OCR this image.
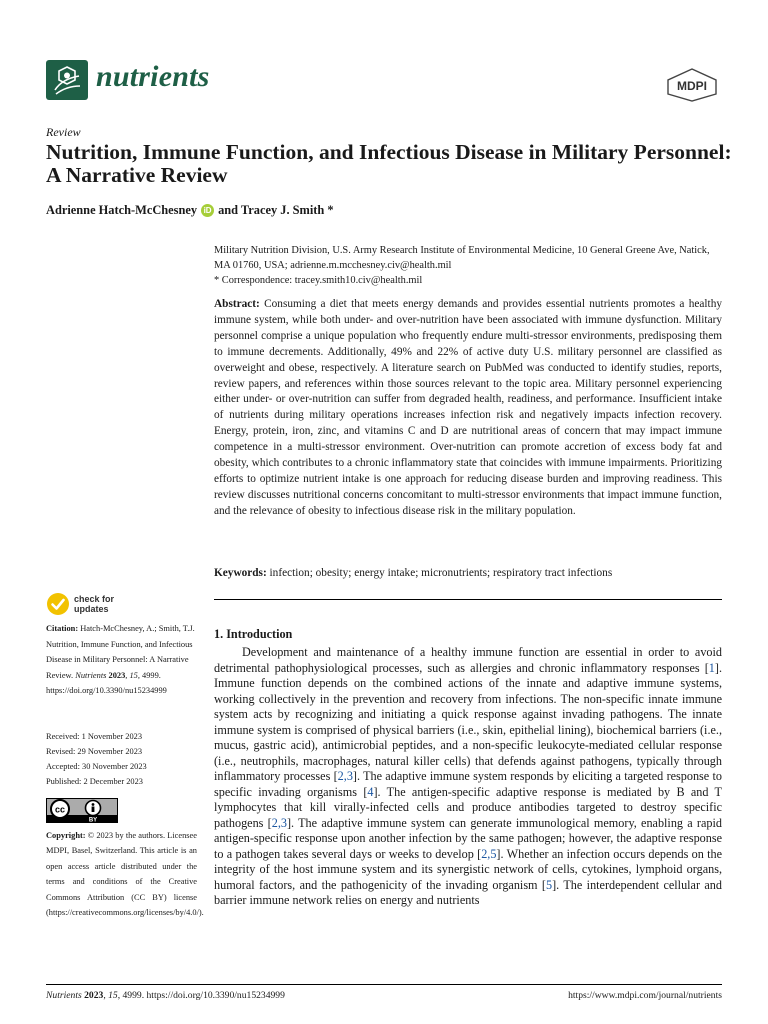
nutrients	MDPI
Review
Nutrition, Immune Function, and Infectious Disease in Military Personnel: A Narrative Review
Adrienne Hatch-McChesney iD and Tracey J. Smith *
Military Nutrition Division, U.S. Army Research Institute of Environmental Medicine, 10 General Greene Ave, Natick, MA 01760, USA; adrienne.m.mcchesney.civ@health.mil
* Correspondence: tracey.smith10.civ@health.mil
Abstract: Consuming a diet that meets energy demands and provides essential nutrients promotes a healthy immune system, while both under- and over-nutrition have been associated with immune dysfunction. Military personnel comprise a unique population who frequently endure multi-stressor environments, predisposing them to immune decrements. Additionally, 49% and 22% of active duty U.S. military personnel are classified as overweight and obese, respectively. A literature search on PubMed was conducted to identify studies, reports, review papers, and references within those sources relevant to the topic area. Military personnel experiencing either under- or over-nutrition can suffer from degraded health, readiness, and performance. Insufficient intake of nutrients during military operations increases infection risk and negatively impacts infection recovery. Energy, protein, iron, zinc, and vitamins C and D are nutritional areas of concern that may impact immune competence in a multi-stressor environment. Over-nutrition can promote accretion of excess body fat and obesity, which contributes to a chronic inflammatory state that coincides with immune impairments. Prioritizing efforts to optimize nutrient intake is one approach for reducing disease burden and improving readiness. This review discusses nutritional concerns concomitant to multi-stressor environments that impact immune function, and the relevance of obesity to infectious disease risk in the military population.
Keywords: infection; obesity; energy intake; micronutrients; respiratory tract infections
check for
updates
Citation: Hatch-McChesney, A.; Smith, T.J. Nutrition, Immune Function, and Infectious Disease in Military Personnel: A Narrative Review. Nutrients 2023, 15, 4999. https://doi.org/10.3390/nu15234999
Received: 1 November 2023
Revised: 29 November 2023
Accepted: 30 November 2023
Published: 2 December 2023
cc
BY
Copyright: © 2023 by the authors. Licensee MDPI, Basel, Switzerland. This article is an open access article distributed under the terms and conditions of the Creative Commons Attribution (CC BY) license (https://creativecommons.org/licenses/by/4.0/).
1. Introduction
Development and maintenance of a healthy immune function are essential in order to avoid detrimental pathophysiological processes, such as allergies and chronic inflammatory responses [1]. Immune function depends on the combined actions of the innate and adaptive immune systems, working collectively in the prevention and recovery from infections. The non-specific innate immune system acts by recognizing and initiating a quick response against invading pathogens. The innate immune system is comprised of physical barriers (i.e., skin, epithelial lining), biochemical barriers (i.e., mucus, gastric acid), antimicrobial peptides, and a non-specific leukocyte-mediated cellular response (i.e., neutrophils, macrophages, natural killer cells) that defends against pathogens, typically through inflammatory processes [2,3]. The adaptive immune system responds by eliciting a targeted response to specific invading organisms [4]. The antigen-specific adaptive response is mediated by B and T lymphocytes that kill virally-infected cells and produce antibodies targeted to destroy specific pathogens [2,3]. The adaptive immune system can generate immunological memory, enabling a rapid antigen-specific response upon another infection by the same pathogen; however, the adaptive response to a pathogen takes several days or weeks to develop [2,5]. Whether an infection occurs depends on the integrity of the host immune system and its synergistic network of cells, cytokines, lymphoid organs, humoral factors, and the pathogenicity of the invading organism [5]. The interdependent cellular and barrier immune network relies on energy and nutrients
Nutrients 2023, 15, 4999. https://doi.org/10.3390/nu15234999	https://www.mdpi.com/journal/nutrients
